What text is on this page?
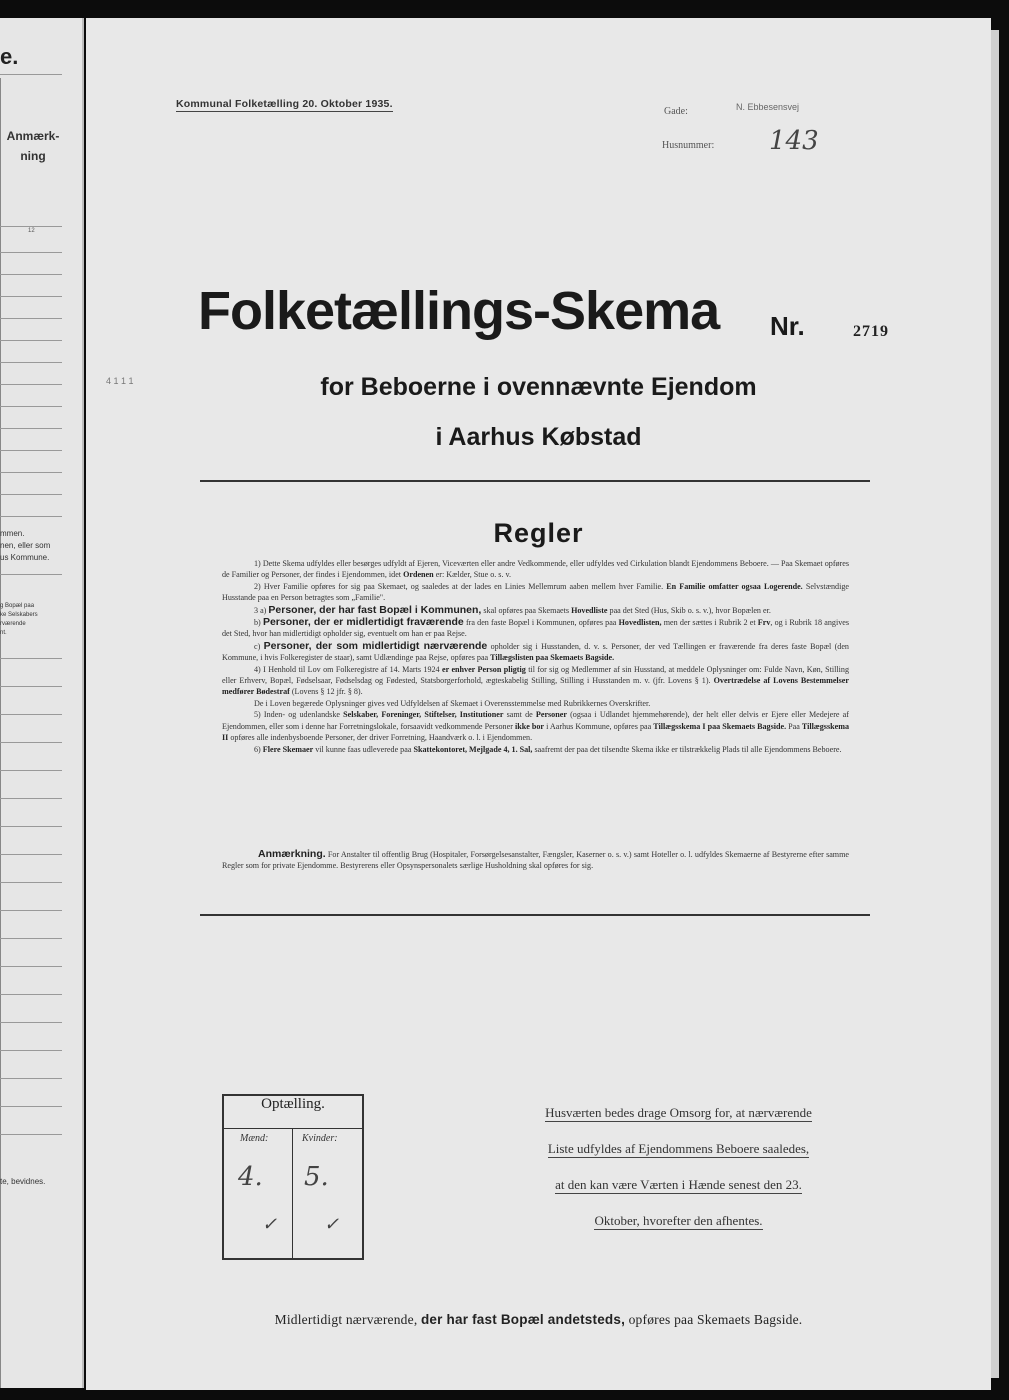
e.
Anmærk-
ning
12
mmen.
nen, eller som
us Kommune.
g Bopæl paa
ke Selskabers
rværende
nt.
te, bevidnes.
Kommunal Folketælling 20. Oktober 1935.
Gade:	N. Ebbesensvej
Husnummer: 143
Folketællings-Skema Nr.	2719
4 1 1 1	for Beboerne i ovennævnte Ejendom
i Aarhus Købstad
Regler

1) Dette Skema udfyldes eller besørges udfyldt af Ejeren, Viceværten eller andre Vedkommende, eller udfyldes ved Cirkulation blandt Ejendommens Beboere. — Paa Skemaet opføres de Familier og Personer, der findes i Ejendommen, idet Ordenen er: Kælder, Stue o. s. v.

2) Hver Familie opføres for sig paa Skemaet, og saaledes at der lades en Linies Mellemrum aaben mellem hver Familie. En Familie omfatter ogsaa Logerende. Selvstændige Husstande paa en Person betragtes som „Familie".

3 a) Personer, der har fast Bopæl i Kommunen, skal opføres paa Skemaets Hovedliste paa det Sted (Hus, Skib o. s. v.), hvor Bopælen er.

b) Personer, der er midlertidigt fraværende fra den faste Bopæl i Kommunen, opføres paa Hovedlisten, men der sættes i Rubrik 2 et Frv, og i Rubrik 18 angives det Sted, hvor han midlertidigt opholder sig, eventuelt om han er paa Rejse.

c) Personer, der som midlertidigt nærværende opholder sig i Husstanden, d. v. s. Personer, der ved Tællingen er fraværende fra deres faste Bopæl (den Kommune, i hvis Folkeregister de staar), samt Udlændinge paa Rejse, opføres paa Tillægslisten paa Skemaets Bagside.

4) I Henhold til Lov om Folkeregistre af 14. Marts 1924 er enhver Person pligtig til for sig og Medlemmer af sin Husstand, at meddele Oplysninger om: Fulde Navn, Køn, Stilling eller Erhverv, Bopæl, Fødselsaar, Fødselsdag og Fødested, Statsborgerforhold, ægteskabelig Stilling, Stilling i Husstanden m. v. (jfr. Lovens § 1). Overtrædelse af Lovens Bestemmelser medfører Bødestraf (Lovens § 12 jfr. § 8).

De i Loven begærede Oplysninger gives ved Udfyldelsen af Skemaet i Overensstemmelse med Rubrikkernes Overskrifter.

5) Inden- og udenlandske Selskaber, Foreninger, Stiftelser, Institutioner samt de Personer (ogsaa i Udlandet hjemmehørende), der helt eller delvis er Ejere eller Medejere af Ejendommen, eller som i denne har Forretningslokale, forsaavidt vedkommende Personer ikke bor i Aarhus Kommune, opføres paa Tillægsskema I paa Skemaets Bagside. Paa Tillægsskema II opføres alle indenbysboende Personer, der driver Forretning, Haandværk o. l. i Ejendommen.

6) Flere Skemaer vil kunne faas udleverede paa Skattekontoret, Mejlgade 4, 1. Sal, saafremt der paa det tilsendte Skema ikke er tilstrækkelig Plads til alle Ejendommens Beboere.

Anmærkning. For Anstalter til offentlig Brug (Hospitaler, Forsørgelsesanstalter, Fængsler, Kaserner o. s. v.) samt Hoteller o. l. udfyldes Skemaerne af Bestyrerne efter samme Regler som for private Ejendomme. Bestyrerens eller Opsynspersonalets særlige Husholdning skal opføres for sig.

Optælling.
Mænd:	Kvinder:
4. 5.
✓	✓
Husværten bedes drage Omsorg for, at nærværende
Liste udfyldes af Ejendommens Beboere saaledes,
at den kan være Værten i Hænde senest den 23.
Oktober, hvorefter den afhentes.
Midlertidigt nærværende, der har fast Bopæl andetsteds, opføres paa Skemaets Bagside.
